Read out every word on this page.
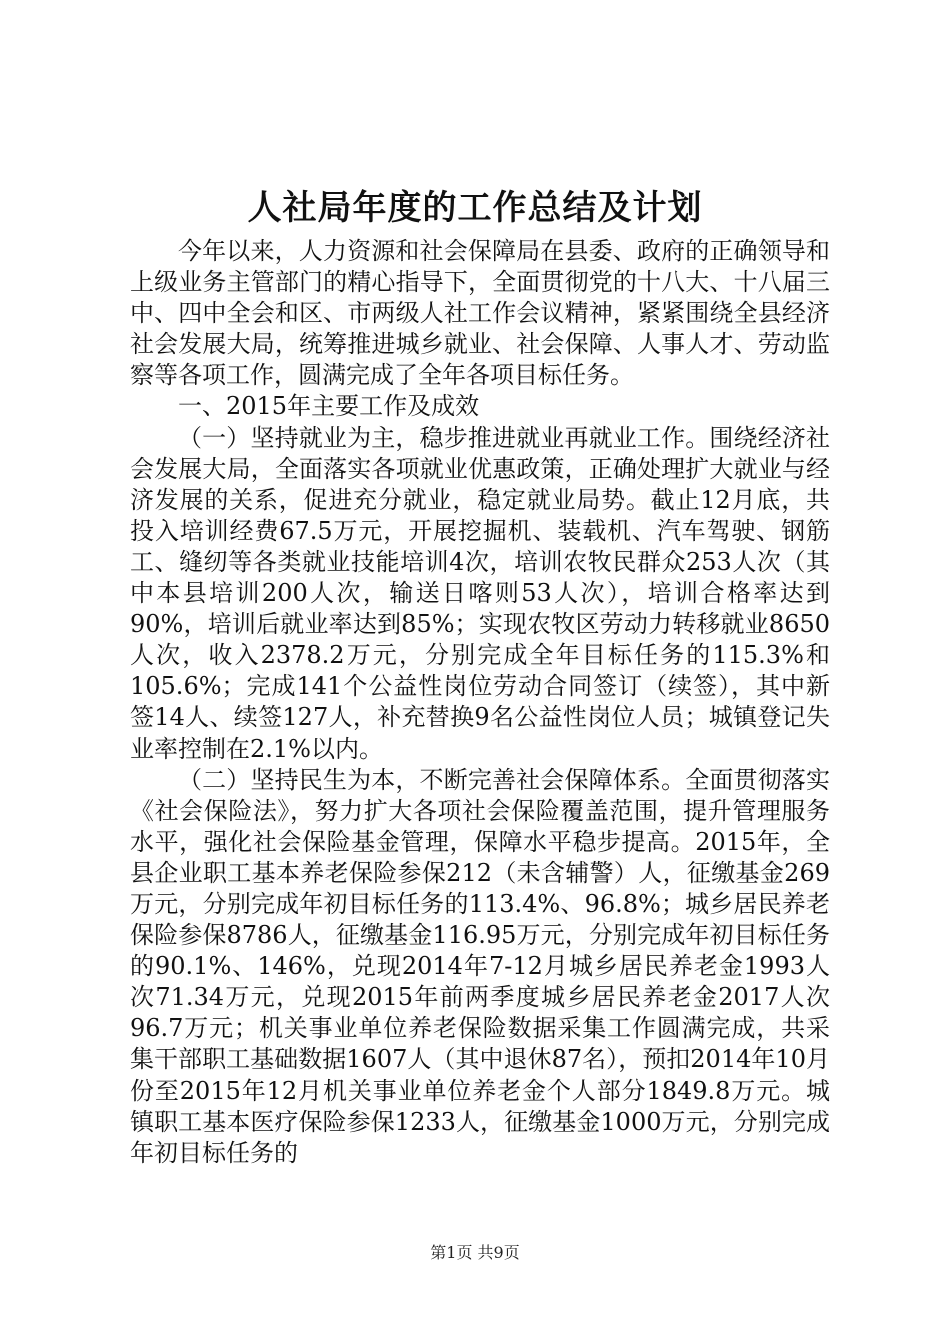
人社局年度的工作总结及计划

今年以来，人力资源和社会保障局在县委、政府的正确领导和上级业务主管部门的精心指导下，全面贯彻党的十八大、十八届三中、四中全会和区、市两级人社工作会议精神，紧紧围绕全县经济社会发展大局，统筹推进城乡就业、社会保障、人事人才、劳动监察等各项工作，圆满完成了全年各项目标任务。

一、2015年主要工作及成效

（一）坚持就业为主，稳步推进就业再就业工作。围绕经济社会发展大局，全面落实各项就业优惠政策，正确处理扩大就业与经济发展的关系，促进充分就业，稳定就业局势。截止12月底，共投入培训经费67.5万元，开展挖掘机、装载机、汽车驾驶、钢筋工、缝纫等各类就业技能培训4次，培训农牧民群众253人次（其中本县培训200人次，输送日喀则53人次），培训合格率达到90%，培训后就业率达到85%；实现农牧区劳动力转移就业8650人次，收入2378.2万元，分别完成全年目标任务的115.3%和105.6%；完成141个公益性岗位劳动合同签订（续签），其中新签14人、续签127人，补充替换9名公益性岗位人员；城镇登记失业率控制在2.1%以内。

（二）坚持民生为本，不断完善社会保障体系。全面贯彻落实《社会保险法》，努力扩大各项社会保险覆盖范围，提升管理服务水平，强化社会保险基金管理，保障水平稳步提高。2015年，全县企业职工基本养老保险参保212（未含辅警）人，征缴基金269万元，分别完成年初目标任务的113.4%、96.8%；城乡居民养老保险参保8786人，征缴基金116.95万元，分别完成年初目标任务的90.1%、146%，兑现2014年7-12月城乡居民养老金1993人次71.34万元，兑现2015年前两季度城乡居民养老金2017人次96.7万元；机关事业单位养老保险数据采集工作圆满完成，共采集干部职工基础数据1607人（其中退休87名），预扣2014年10月份至2015年12月机关事业单位养老金个人部分1849.8万元。城镇职工基本医疗保险参保1233人，征缴基金1000万元，分别完成年初目标任务的

第1页 共9页
